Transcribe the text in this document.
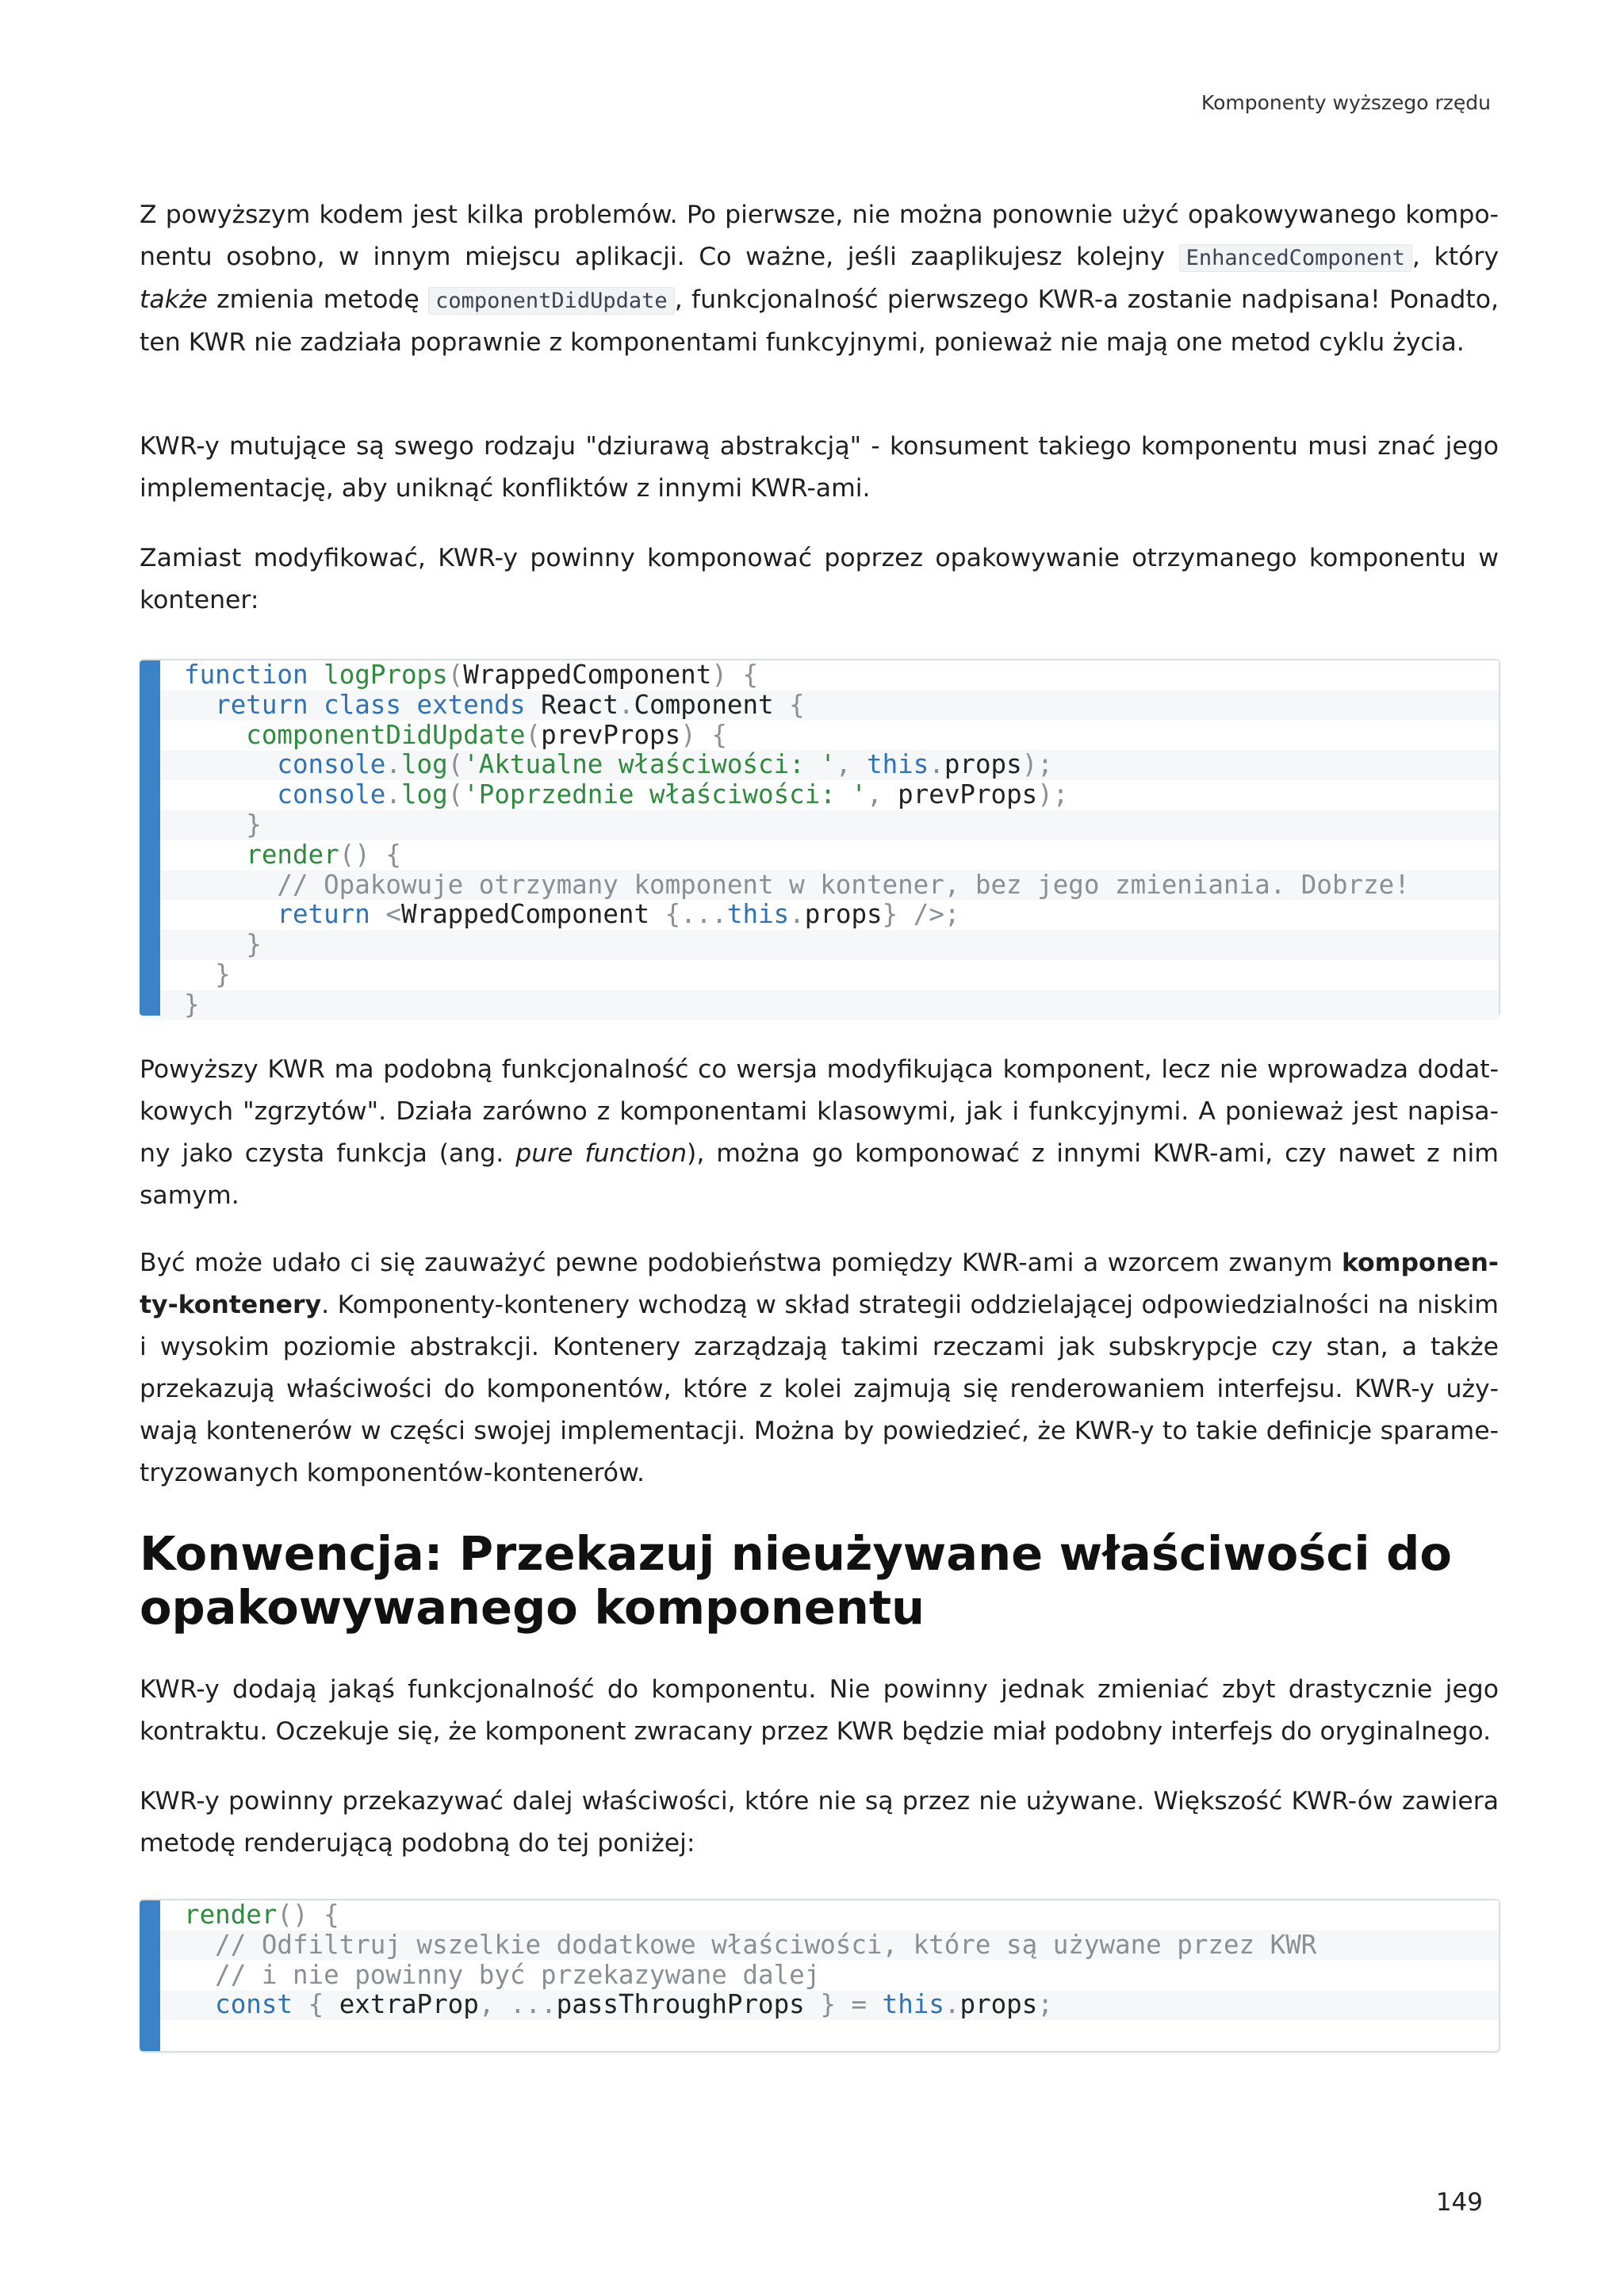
Komponenty wyższego rzędu

Z powyższym kodem jest kilka problemów. Po pierwsze, nie można ponownie użyć opakowywanego komponentu osobno, w innym miejscu aplikacji. Co ważne, jeśli zaaplikujesz kolejny EnhancedComponent , który także zmienia metodę componentDidUpdate , funkcjonalność pierwszego KWR-a zostanie nadpisana! Ponadto, ten KWR nie zadziała poprawnie z komponentami funkcyjnymi, ponieważ nie mają one metod cyklu życia.

KWR-y mutujące są swego rodzaju "dziurawą abstrakcją" - konsument takiego komponentu musi znać jego implementację, aby uniknąć konfliktów z innymi KWR-ami.

Zamiast modyfikować, KWR-y powinny komponować poprzez opakowywanie otrzymanego komponentu w kontener:

function logProps(WrappedComponent) {
return class extends React.Component {
componentDidUpdate(prevProps) {
console.log('Aktualne właściwości: ', this.props);
console.log('Poprzednie właściwości: ', prevProps);
}
render() {
// Opakowuje otrzymany komponent w kontener, bez jego zmieniania. Dobrze!
return <WrappedComponent {...this.props} />;
}
}
}

Powyższy KWR ma podobną funkcjonalność co wersja modyfikująca komponent, lecz nie wprowadza dodatkowych "zgrzytów". Działa zarówno z komponentami klasowymi, jak i funkcyjnymi. A ponieważ jest napisany jako czysta funkcja (ang. pure function), można go komponować z innymi KWR-ami, czy nawet z nim samym.

Być może udało ci się zauważyć pewne podobieństwa pomiędzy KWR-ami a wzorcem zwanym komponenty-kontenery. Komponenty-kontenery wchodzą w skład strategii oddzielającej odpowiedzialności na niskim i wysokim poziomie abstrakcji. Kontenery zarządzają takimi rzeczami jak subskrypcje czy stan, a także przekazują właściwości do komponentów, które z kolei zajmują się renderowaniem interfejsu. KWR-y używają kontenerów w części swojej implementacji. Można by powiedzieć, że KWR-y to takie definicje sparametryzowanych komponentów-kontenerów.

Konwencja: Przekazuj nieużywane właściwości do opakowywanego komponentu

KWR-y dodają jakąś funkcjonalność do komponentu. Nie powinny jednak zmieniać zbyt drastycznie jego kontraktu. Oczekuje się, że komponent zwracany przez KWR będzie miał podobny interfejs do oryginalnego.

KWR-y powinny przekazywać dalej właściwości, które nie są przez nie używane. Większość KWR-ów zawiera metodę renderującą podobną do tej poniżej:

render() {
// Odfiltruj wszelkie dodatkowe właściwości, które są używane przez KWR
// i nie powinny być przekazywane dalej
const { extraProp, ...passThroughProps } = this.props;
149
